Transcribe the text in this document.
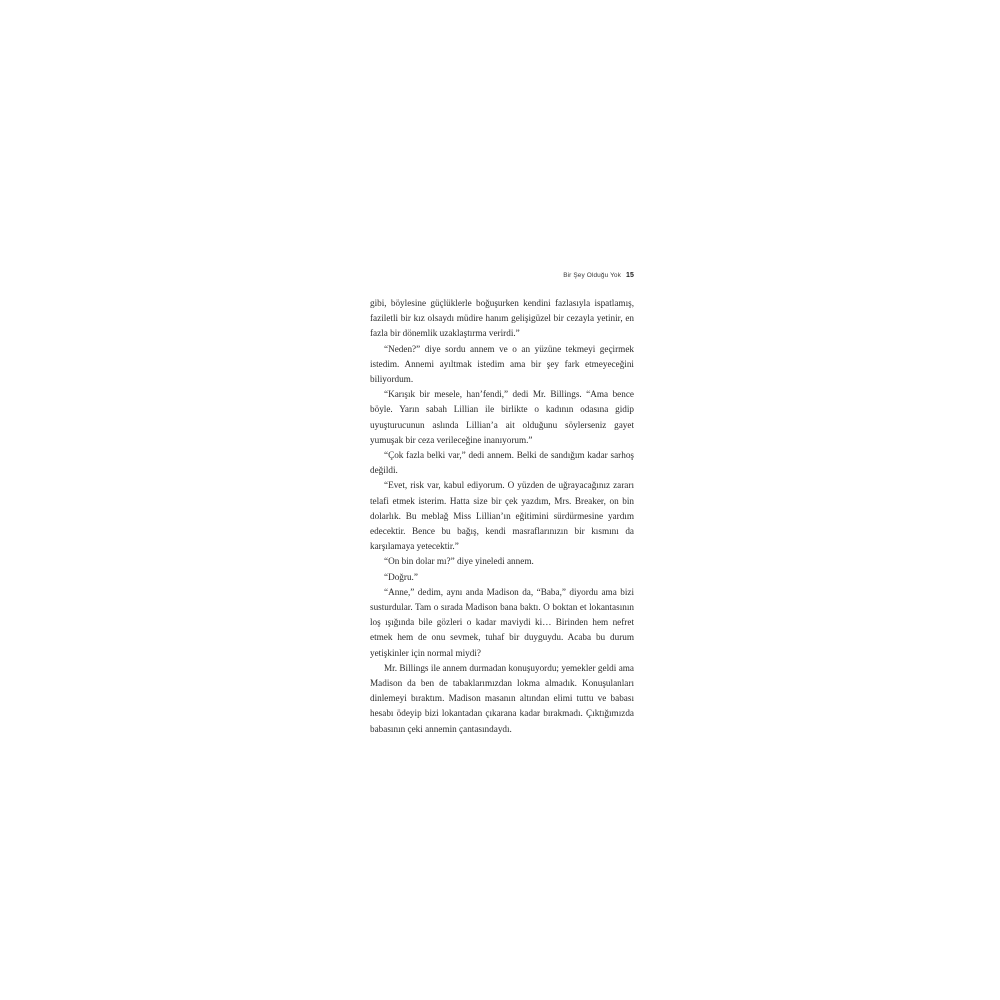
Bir Şey Olduğu Yok 15

gibi, böylesine güçlüklerle boğuşurken kendini fazlasıyla ispatlamış, faziletli bir kız olsaydı müdire hanım gelişigüzel bir cezayla yetinir, en fazla bir dönemlik uzaklaştırma verirdi.”

“Neden?” diye sordu annem ve o an yüzüne tekmeyi geçirmek istedim. Annemi ayıltmak istedim ama bir şey fark etmeyeceğini biliyordum.

“Karışık bir mesele, han’fendi,” dedi Mr. Billings. “Ama bence böyle. Yarın sabah Lillian ile birlikte o kadının odasına gidip uyuşturucunun aslında Lillian’a ait olduğunu söylerseniz gayet yumuşak bir ceza verileceğine inanıyorum.”

“Çok fazla belki var,” dedi annem. Belki de sandığım kadar sarhoş değildi.

“Evet, risk var, kabul ediyorum. O yüzden de uğrayacağınız zararı telafi etmek isterim. Hatta size bir çek yazdım, Mrs. Breaker, on bin dolarlık. Bu meblağ Miss Lillian’ın eğitimini sürdürmesine yardım edecektir. Bence bu bağış, kendi masraflarınızın bir kısmını da karşılamaya yetecektir.”

“On bin dolar mı?” diye yineledi annem.

“Doğru.”

“Anne,” dedim, aynı anda Madison da, “Baba,” diyordu ama bizi susturdular. Tam o sırada Madison bana baktı. O boktan et lokantasının loş ışığında bile gözleri o kadar maviydi ki… Birinden hem nefret etmek hem de onu sevmek, tuhaf bir duyguydu. Acaba bu durum yetişkinler için normal miydi?

Mr. Billings ile annem durmadan konuşuyordu; yemekler geldi ama Madison da ben de tabaklarımızdan lokma almadık. Konuşulanları dinlemeyi bıraktım. Madison masanın altından elimi tuttu ve babası hesabı ödeyip bizi lokantadan çıkarana kadar bırakmadı. Çıktığımızda babasının çeki annemin çantasındaydı.
